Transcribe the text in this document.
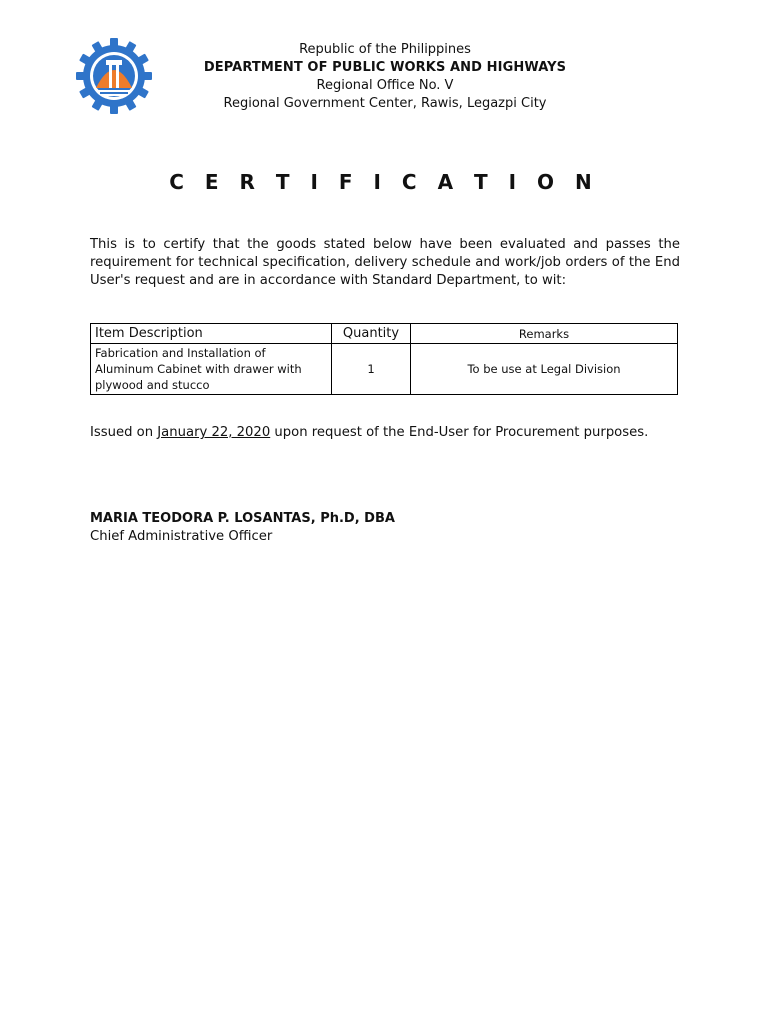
Republic of the Philippines
DEPARTMENT OF PUBLIC WORKS AND HIGHWAYS
Regional Office No. V
Regional Government Center, Rawis, Legazpi City
C E R T I F I C A T I O N
This is to certify that the goods stated below have been evaluated and passes the requirement for technical specification, delivery schedule and work/job orders of the End User's request and are in accordance with Standard Department, to wit:
Item Description	Quantity	Remarks
Fabrication and Installation of Aluminum Cabinet with drawer with plywood and stucco	1	To be use at Legal Division
Issued on January 22, 2020 upon request of the End-User for Procurement purposes.
MARIA TEODORA P. LOSANTAS, Ph.D, DBA
Chief Administrative Officer
